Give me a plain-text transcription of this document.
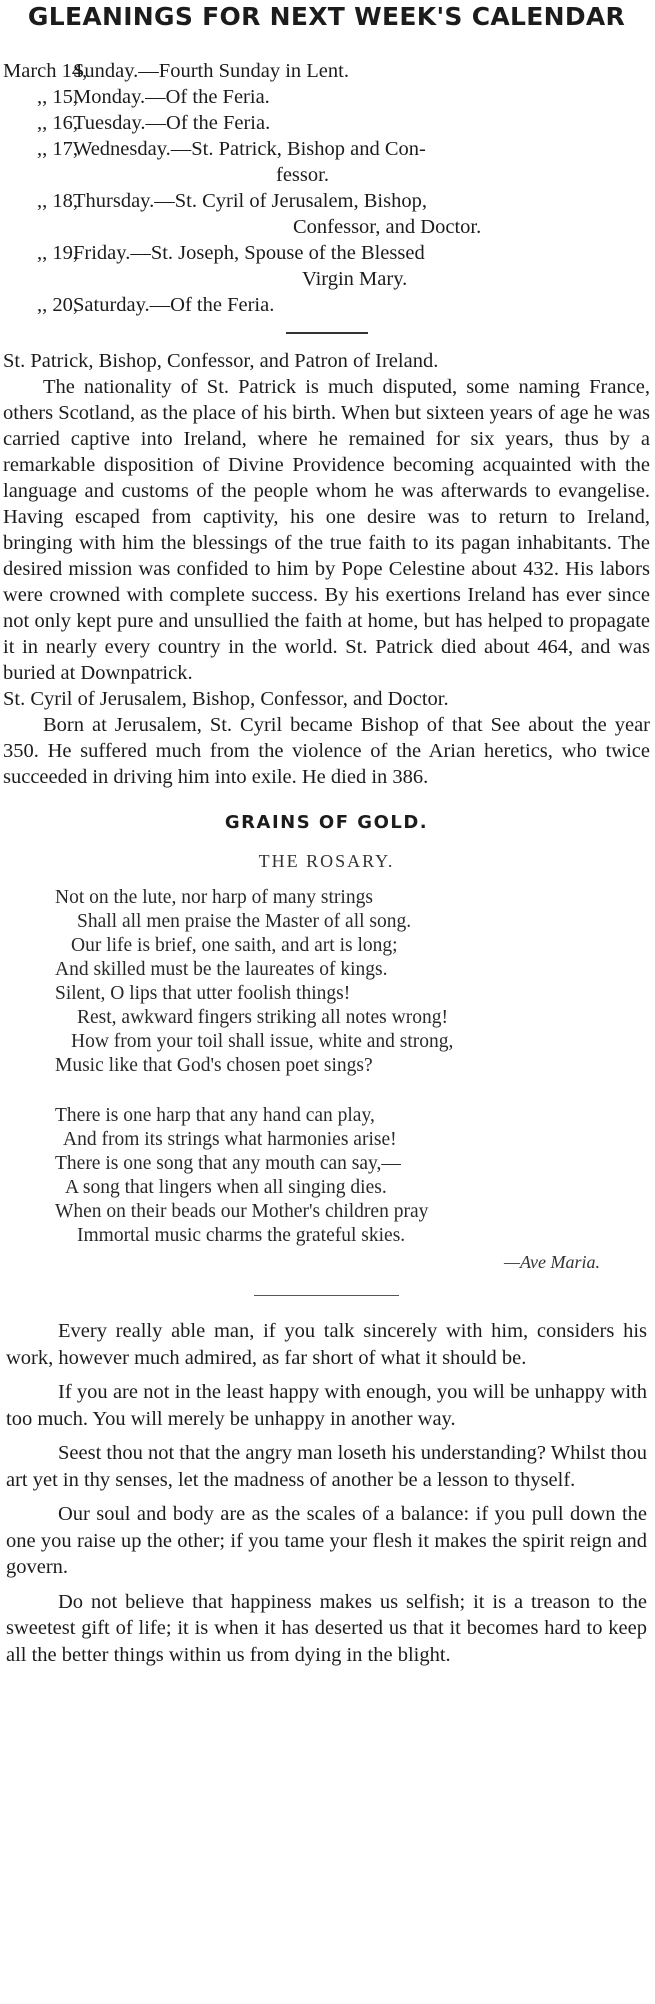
GLEANINGS FOR NEXT WEEK'S CALENDAR
March 14,
Sunday.—Fourth Sunday in Lent.
,, 15,
Monday.—Of the Feria.
,, 16,
Tuesday.—Of the Feria.
,, 17,
Wednesday.—St. Patrick, Bishop and Con-
fessor.
,, 18,
Thursday.—St. Cyril of Jerusalem, Bishop,
Confessor, and Doctor.
,, 19,
Friday.—St. Joseph, Spouse of the Blessed
Virgin Mary.
,, 20,
Saturday.—Of the Feria.

St. Patrick, Bishop, Confessor, and Patron of Ireland.

The nationality of St. Patrick is much disputed, some naming France, others Scotland, as the place of his birth. When but sixteen years of age he was carried captive into Ireland, where he remained for six years, thus by a remarkable disposition of Divine Providence becoming acquainted with the language and customs of the people whom he was afterwards to evangelise. Having escaped from captivity, his one desire was to return to Ireland, bringing with him the blessings of the true faith to its pagan inhabitants. The desired mission was confided to him by Pope Celestine about 432. His labors were crowned with complete success. By his exertions Ireland has ever since not only kept pure and unsullied the faith at home, but has helped to propagate it in nearly every country in the world. St. Patrick died about 464, and was buried at Downpatrick.

St. Cyril of Jerusalem, Bishop, Confessor, and Doctor.

Born at Jerusalem, St. Cyril became Bishop of that See about the year 350. He suffered much from the violence of the Arian heretics, who twice succeeded in driving him into exile. He died in 386.

GRAINS OF GOLD.
THE ROSARY.
Not on the lute, nor harp of many strings
Shall all men praise the Master of all song.
Our life is brief, one saith, and art is long;
And skilled must be the laureates of kings.
Silent, O lips that utter foolish things!
Rest, awkward fingers striking all notes wrong!
How from your toil shall issue, white and strong,
Music like that God's chosen poet sings?
There is one harp that any hand can play,
And from its strings what harmonies arise!
There is one song that any mouth can say,—
A song that lingers when all singing dies.
When on their beads our Mother's children pray
Immortal music charms the grateful skies.
—Ave Maria.

Every really able man, if you talk sincerely with him, considers his work, however much admired, as far short of what it should be.

If you are not in the least happy with enough, you will be unhappy with too much. You will merely be unhappy in another way.

Seest thou not that the angry man loseth his understanding? Whilst thou art yet in thy senses, let the madness of another be a lesson to thyself.

Our soul and body are as the scales of a balance: if you pull down the one you raise up the other; if you tame your flesh it makes the spirit reign and govern.

Do not believe that happiness makes us selfish; it is a treason to the sweetest gift of life; it is when it has deserted us that it becomes hard to keep all the better things within us from dying in the blight.
